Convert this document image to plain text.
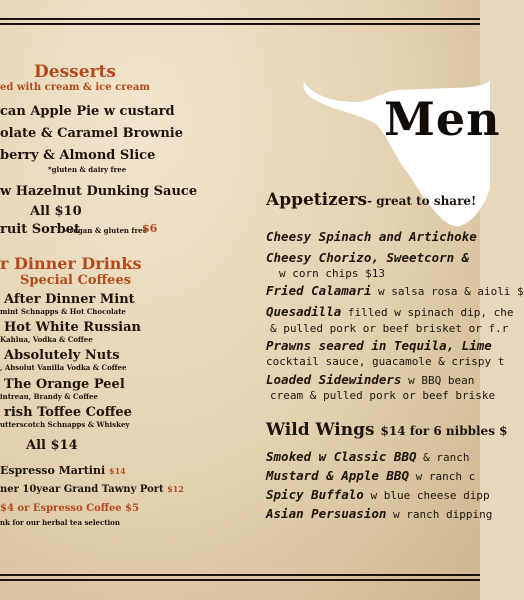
Desserts
ed with cream & ice cream
can Apple Pie w custard
olate & Caramel Brownie
berry & Almond Slice
*gluten & dairy free
w Hazelnut Dunking Sauce
All $10
ruit Sorbet
- vegan & gluten free
$6
r Dinner Drinks
Special Coffees
After Dinner Mint
mint Schnapps & Hot Chocolate
Hot White Russian
Kahlua, Vodka & Coffee
Absolutely Nuts
, Absolut Vanilla Vodka & Coffee
The Orange Peel
intreau, Brandy & Coffee
rish Toffee Coffee
utterscotch Schnapps & Whiskey
All $14
Espresso Martini $14
ner 10year Grand Tawny Port $12
$4 or Espresso Coffee $5
nk for our herbal tea selection
Men
Appetizers- great to share!
Cheesy Spinach and Artichoke
Cheesy Chorizo, Sweetcorn &
w corn chips $13
Fried Calamari w salsa rosa & aioli $
Quesadilla filled w spinach dip, che
& pulled pork or beef brisket or f.r
Prawns seared in Tequila, Lime
cocktail sauce, guacamole & crispy t
Loaded Sidewinders w BBQ bean
cream & pulled pork or beef briske
Wild Wings $14 for 6 nibbles $
Smoked w Classic BBQ & ranch
Mustard & Apple BBQ w ranch c
Spicy Buffalo w blue cheese dipp
Asian Persuasion w ranch dipping
